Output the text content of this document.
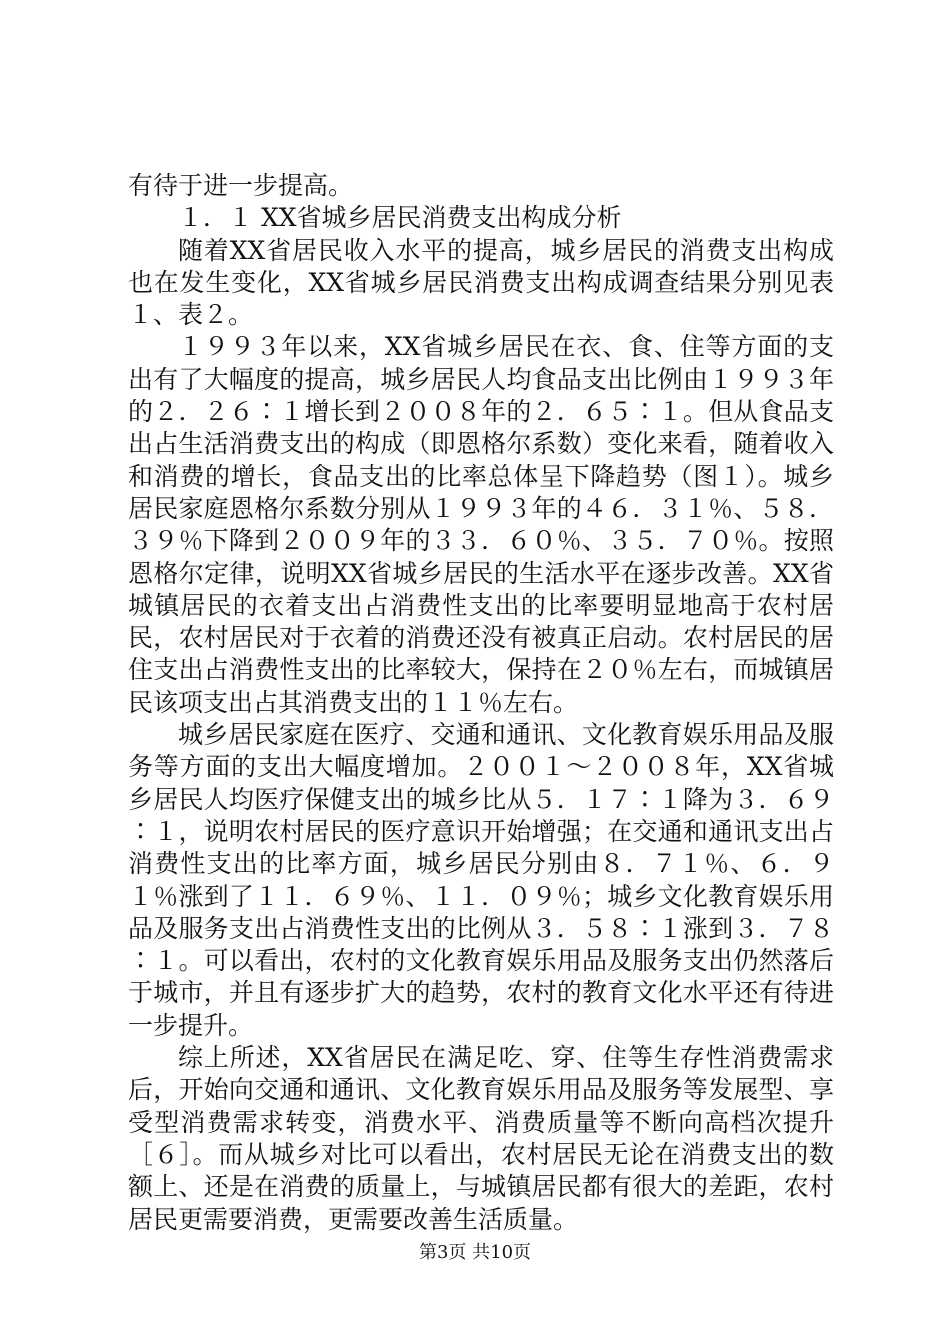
有待于进一步提高。

１．１ XX省城乡居民消费支出构成分析

随着XX省居民收入水平的提高，城乡居民的消费支出构成也在发生变化，XX省城乡居民消费支出构成调查结果分别见表１、表２。

１９９３年以来，XX省城乡居民在衣、食、住等方面的支出有了大幅度的提高，城乡居民人均食品支出比例由１９９３年的２．２６∶１增长到２００８年的２．６５∶１。但从食品支出占生活消费支出的构成（即恩格尔系数）变化来看，随着收入和消费的增长，食品支出的比率总体呈下降趋势（图１）。城乡居民家庭恩格尔系数分别从１９９３年的４６．３１％、５８．３９％下降到２００９年的３３．６０％、３５．７０％。按照恩格尔定律，说明XX省城乡居民的生活水平在逐步改善。XX省城镇居民的衣着支出占消费性支出的比率要明显地高于农村居民，农村居民对于衣着的消费还没有被真正启动。农村居民的居住支出占消费性支出的比率较大，保持在２０％左右，而城镇居民该项支出占其消费支出的１１％左右。

城乡居民家庭在医疗、交通和通讯、文化教育娱乐用品及服务等方面的支出大幅度增加。２００１～２００８年，XX省城乡居民人均医疗保健支出的城乡比从５．１７∶１降为３．６９∶１，说明农村居民的医疗意识开始增强；在交通和通讯支出占消费性支出的比率方面，城乡居民分别由８．７１％、６．９１％涨到了１１．６９％、１１．０９％；城乡文化教育娱乐用品及服务支出占消费性支出的比例从３．５８∶１涨到３．７８∶１。可以看出，农村的文化教育娱乐用品及服务支出仍然落后于城市，并且有逐步扩大的趋势，农村的教育文化水平还有待进一步提升。

综上所述，XX省居民在满足吃、穿、住等生存性消费需求后，开始向交通和通讯、文化教育娱乐用品及服务等发展型、享受型消费需求转变，消费水平、消费质量等不断向高档次提升［６］。而从城乡对比可以看出，农村居民无论在消费支出的数额上、还是在消费的质量上，与城镇居民都有很大的差距，农村居民更需要消费，更需要改善生活质量。

第3页 共10页
